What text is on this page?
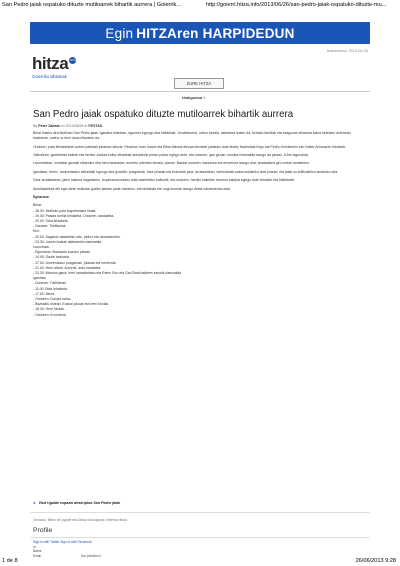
San Pedro jaiak ospatuko dituzte mutiloarrek bihartik aurrera | Goierrik...	http://goierri.hitza.info/2013/06/26/san-pedro-jaiak-ospatuko-dituzte-mu...
Egin HITZAren
HARPIDEDUN
Asteazkena, 2013-06-26
hitza GOI
Goierriko albisteak
ZURE HITZA
Nabigazioa ▾
San Pedro jaiak ospatuko dituzte mutiloarrek bihartik aurrera
By Peter Zabala on 2013/06/26 in FESTAK

Bihar hasiko dira Mutiloan San Pedro jaiak. Igandea bitartean, egunero egongo dira ekitaldiak. Jendetsuena, urtero bezala, asteartea izaten da, bertako familiak eta ezagunak elkartuta kalea betetzen dutenean; bazkarian, ordea, ia herri osoa elkartzen da.

Ondoren, pala lehiaketaren azken partidak jokatuko dituzte. Finalean Juan Inazio eta Eibar Alkorta ahizpa bikoteek jokatuko dute finala; finalerdiak Iñigo eta Pedro Arriolarekin eta Xabier Arbonaren bikoteak.

Ostiralean, gaztetxeko kideek eta herriko Jaiotza kultur elkarteak antolaturik pintxo-potea egingo dute, eta ondoren, gau giroan, musika emanaldia izango da plazan, DJek lagunduta.

Larunbatean, mutilotar guztiak elkartuko dira herri bazkarian, aurreko urteetan bezala, plazan. Bazkal ondoren, karaokea eta erromeria izango dira, arratsaldea giro onean amaitzeko.

Igandean, berriz, haurrentzako ekitaldiak egongo dira goizetik: puzgarriak, haur jolasak eta txokolate-jana. Arratsaldean, bertsolariek saioa eskainiko dute plazan, eta jaiak su artifizialekin amaituko dira.

Gaur arratsaldean, jaien hasiera iragartzeko, txupinazoa botako dute udaletxeko balkoitik, eta ondoren, herriko kaleetan barrena kalejira egingo dute txistulari eta trikitilariek.

Antolatzaileek dei egin diete mutilotar guztiei jaietan parte hartzeko, eta bisitariak ere ongi etorriak izango direla nabarmendu dute.

Egitaraua

Bihar:
- 18.30: Mutiloko pala txapelketako finala.
- 19.30: Pasaia turrilla lehiaketa. Ondoren, dastaketa.
- 20.00: Toka lehiaketa.
- Gauean: Trikitilariak.
Etzi:
- 20.00: Sagardo dastaketa; talo, pintxo eta olioaskarekin.
- 23.30: Joselu Anaiak taldearekin dantzaldia.
Larunbata:
- Eguerdian: Bazkaldu auzoko plazan.
- 14.00: Gazte bazkaria.
- 17.00: Umeentzako puzgarriak, jolasak eta merienda.
- 21.00: Herri afaria. Aurrerik, ardo kanabeta.
- 23.30: Maximo gaua; herri hamaiketako eta Esten Giro eta Gari Band taldeen eskutik dantzaldia.
Igandea:
- Goizean: Trikitilariak.
- 11.00: Bola lehiaketa.
- 17.00: Meza.
- Ondoren: Dantza saioa.
- Bazkaldu ostean: Euskal jokoak eta herri kirolak.
- 18.30: Herri kirolak.
- Ondoren: Erromeria.
► Visit Ugalde espazio deskriptoa San Pedro jaiak
Ondokoa: Bideo de Ugalde eta Zaldua eta lagunak, interesa dituzu.
Profile
Sign in with Twitter Sign in with Facebook
or
Name
Email	Not published
1 de 8	26/06/2013 9:28
